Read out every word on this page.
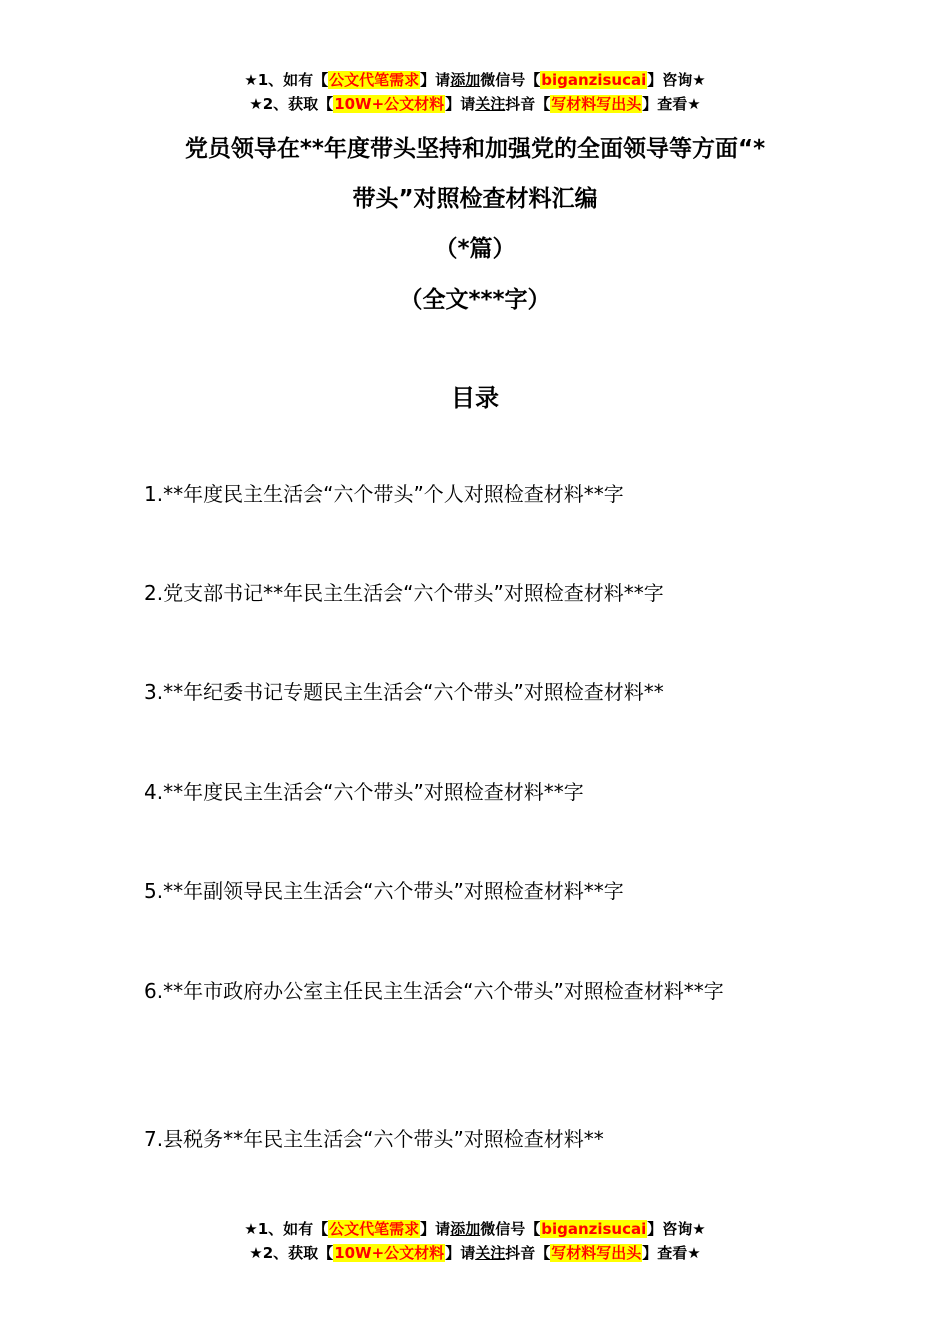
★1、如有【公文代笔需求】请添加微信号【biganzisucai】咨询★
★2、获取【10W+公文材料】请关注抖音【写材料写出头】查看★
党员领导在**年度带头坚持和加强党的全面领导等方面“*
带头”对照检查材料汇编
（*篇）
（全文***字）
目录
1.**年度民主生活会“六个带头”个人对照检查材料**字
2.党支部书记**年民主生活会“六个带头”对照检查材料**字
3.**年纪委书记专题民主生活会“六个带头”对照检查材料**
4.**年度民主生活会“六个带头”对照检查材料**字
5.**年副领导民主生活会“六个带头”对照检查材料**字
6.**年市政府办公室主任民主生活会“六个带头”对照检查材料**字
7.县税务**年民主生活会“六个带头”对照检查材料**
★1、如有【公文代笔需求】请添加微信号【biganzisucai】咨询★
★2、获取【10W+公文材料】请关注抖音【写材料写出头】查看★
